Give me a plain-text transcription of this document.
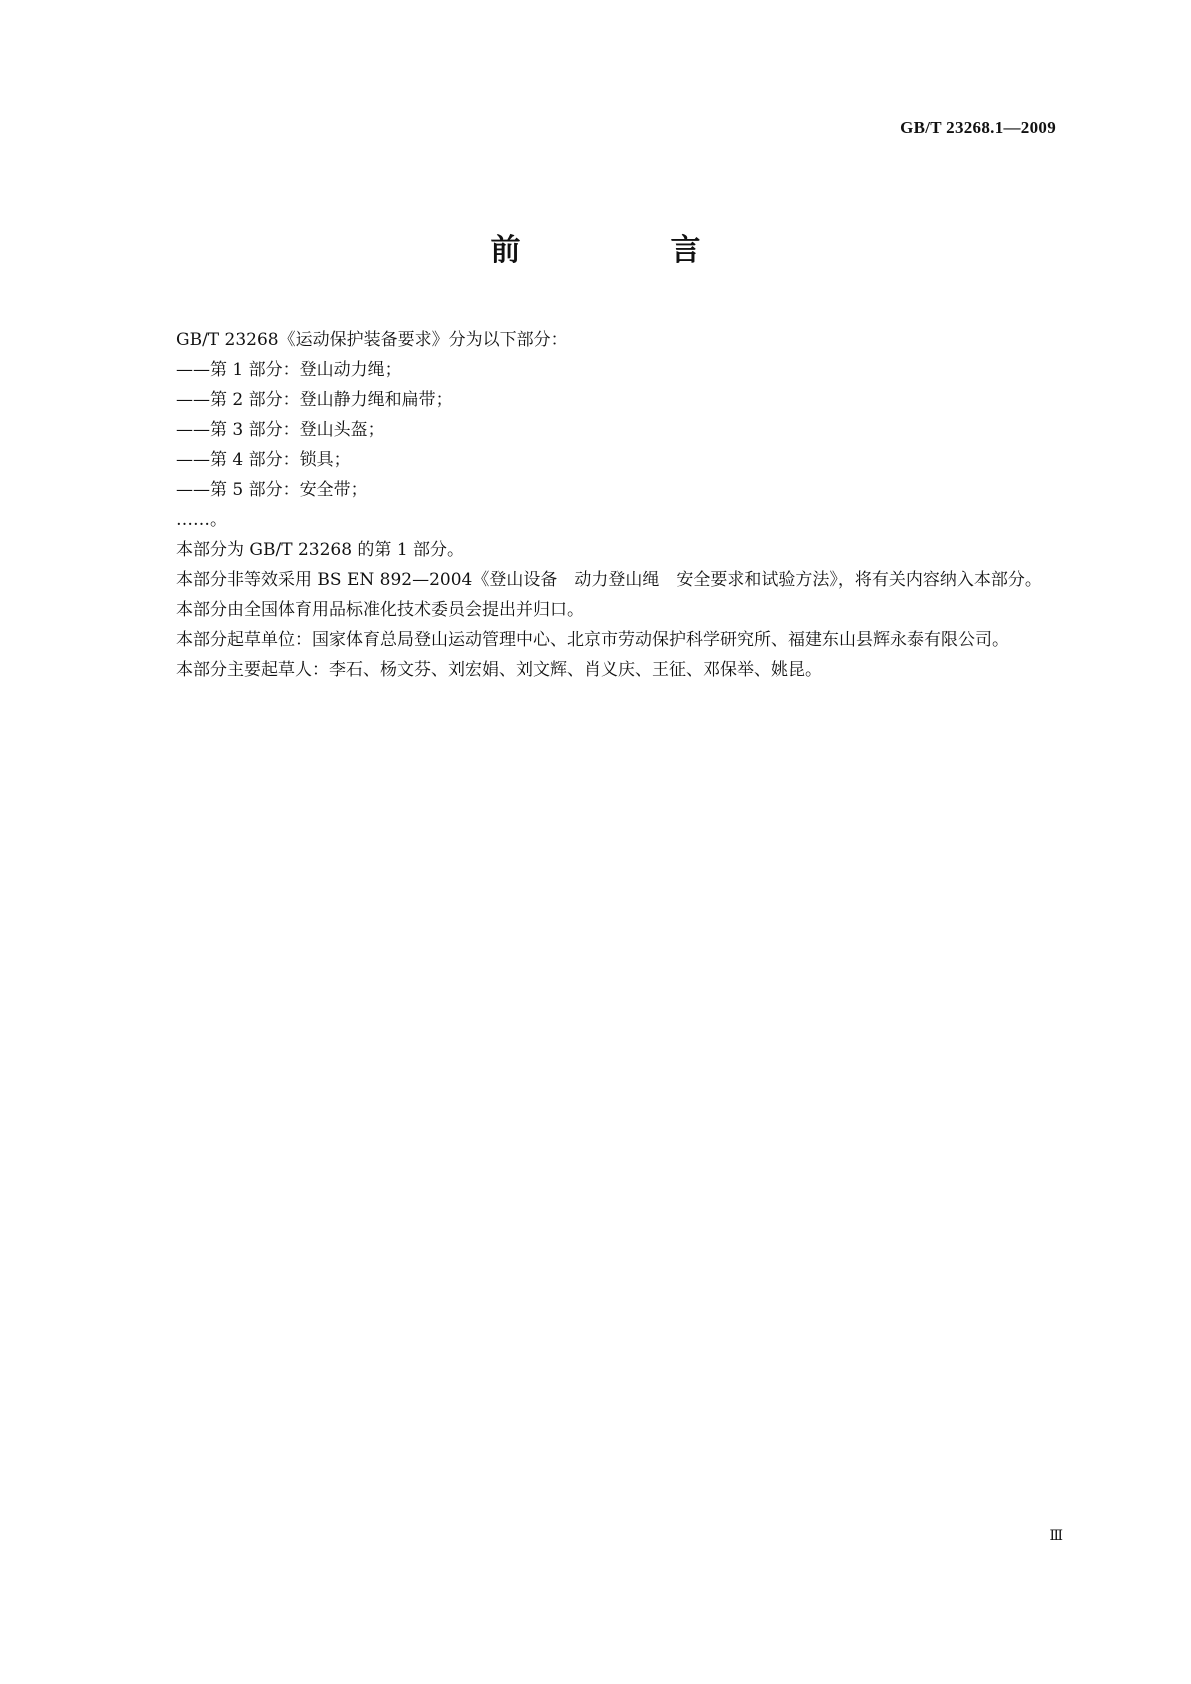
GB/T 23268.1—2009
前　言

GB/T 23268《运动保护装备要求》分为以下部分：

——第 1 部分：登山动力绳；

——第 2 部分：登山静力绳和扁带；

——第 3 部分：登山头盔；

——第 4 部分：锁具；

——第 5 部分：安全带；

……。

本部分为 GB/T 23268 的第 1 部分。

本部分非等效采用 BS EN 892—2004《登山设备　动力登山绳　安全要求和试验方法》，将有关内容纳入本部分。

本部分由全国体育用品标准化技术委员会提出并归口。

本部分起草单位：国家体育总局登山运动管理中心、北京市劳动保护科学研究所、福建东山县辉永泰有限公司。

本部分主要起草人：李石、杨文芬、刘宏娟、刘文辉、肖义庆、王征、邓保举、姚昆。

Ⅲ
